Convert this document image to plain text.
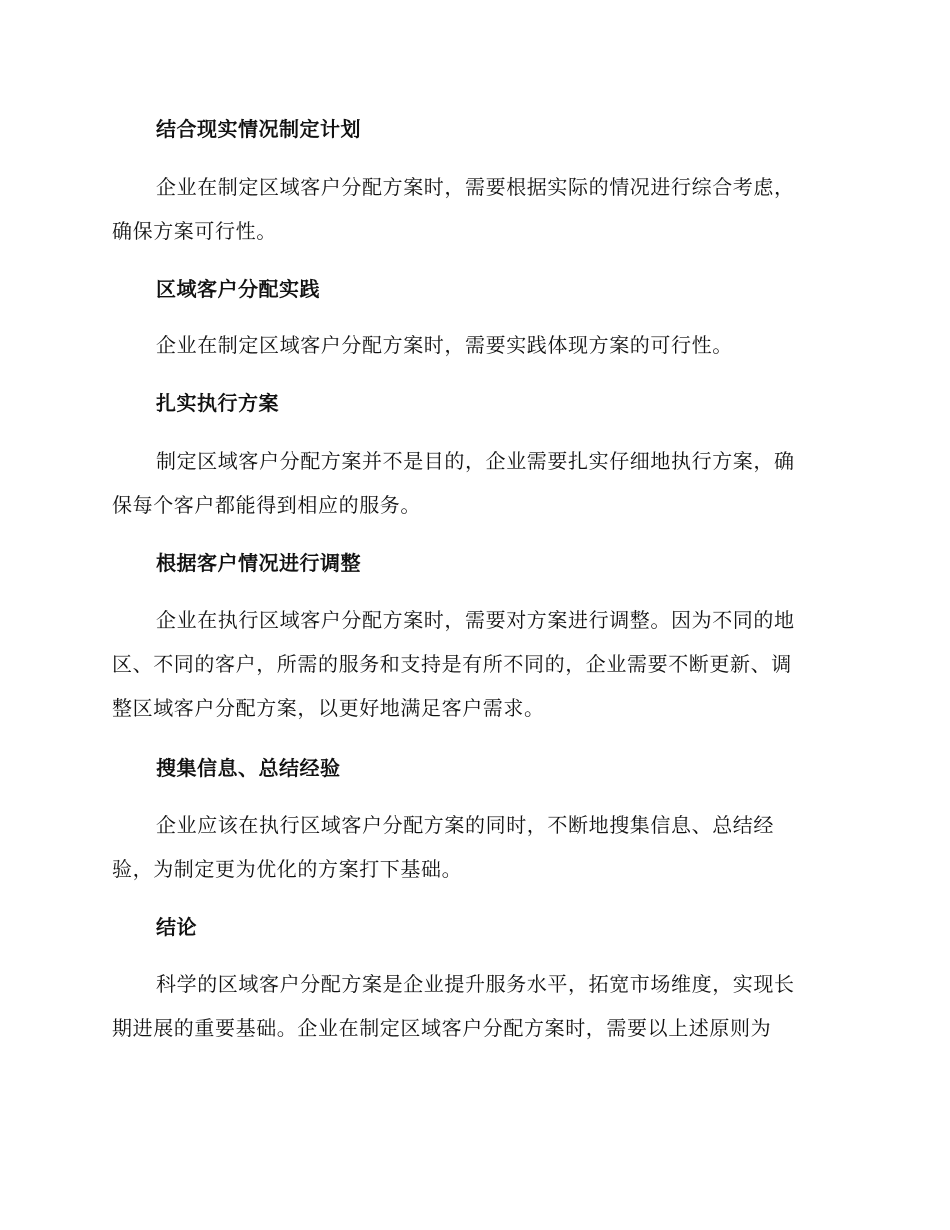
结合现实情况制定计划
企业在制定区域客户分配方案时，需要根据实际的情况进行综合考虑，
确保方案可行性。
区域客户分配实践
企业在制定区域客户分配方案时，需要实践体现方案的可行性。
扎实执行方案
制定区域客户分配方案并不是目的，企业需要扎实仔细地执行方案，确
保每个客户都能得到相应的服务。
根据客户情况进行调整
企业在执行区域客户分配方案时，需要对方案进行调整。因为不同的地
区、不同的客户，所需的服务和支持是有所不同的，企业需要不断更新、调
整区域客户分配方案，以更好地满足客户需求。
搜集信息、总结经验
企业应该在执行区域客户分配方案的同时，不断地搜集信息、总结经
验，为制定更为优化的方案打下基础。
结论
科学的区域客户分配方案是企业提升服务水平，拓宽市场维度，实现长
期进展的重要基础。企业在制定区域客户分配方案时，需要以上述原则为
